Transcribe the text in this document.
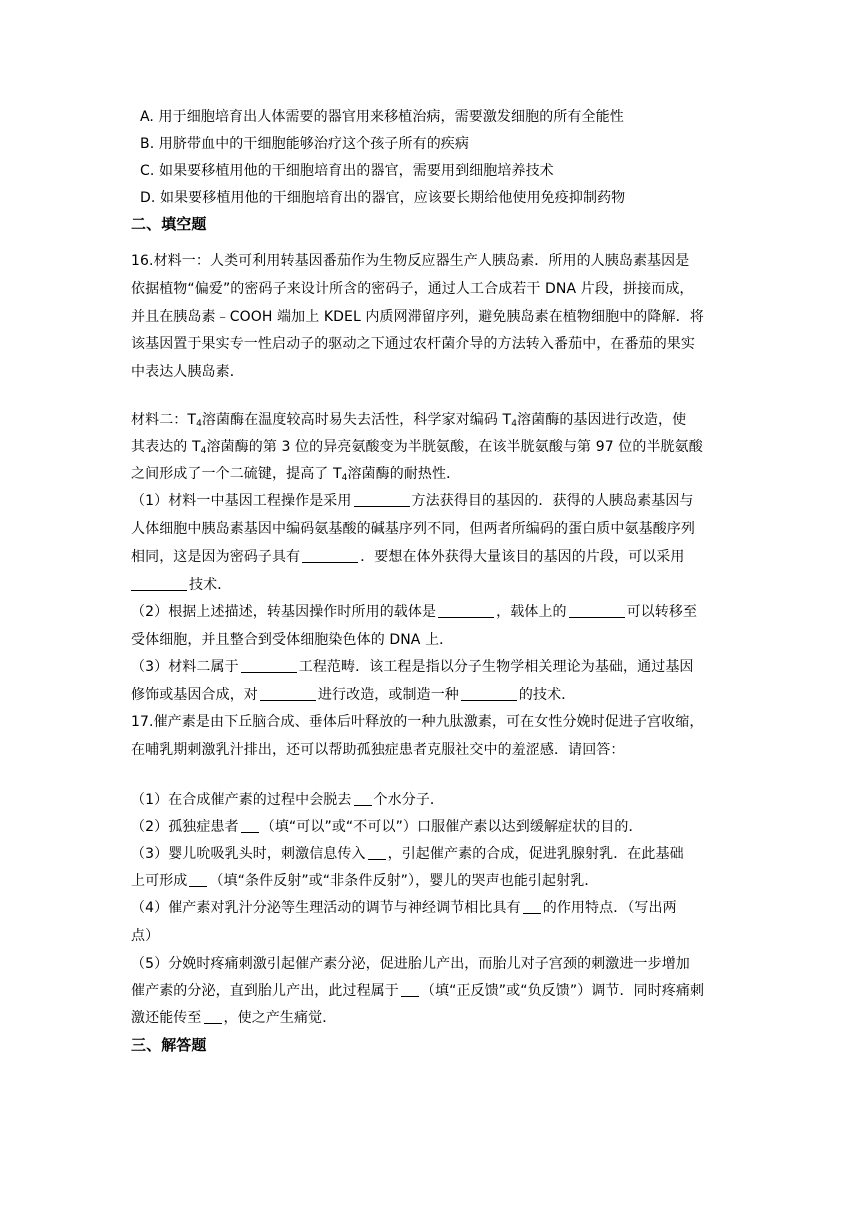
A. 用于细胞培育出人体需要的器官用来移植治病，需要激发细胞的所有全能性
B. 用脐带血中的干细胞能够治疗这个孩子所有的疾病
C. 如果要移植用他的干细胞培育出的器官，需要用到细胞培养技术
D. 如果要移植用他的干细胞培育出的器官，应该要长期给他使用免疫抑制药物
二、填空题
16.材料一：人类可利用转基因番茄作为生物反应器生产人胰岛素．所用的人胰岛素基因是
依据植物“偏爱”的密码子来设计所含的密码子，通过人工合成若干 DNA 片段，拼接而成，
并且在胰岛素﹣COOH 端加上 KDEL 内质网滞留序列，避免胰岛素在植物细胞中的降解．将
该基因置于果实专一性启动子的驱动之下通过农杆菌介导的方法转入番茄中，在番茄的果实
中表达人胰岛素．
材料二：$T_4$溶菌酶在温度较高时易失去活性，科学家对编码 $T_4$溶菌酶的基因进行改造，使
其表达的 $T_4$溶菌酶的第 3 位的异亮氨酸变为半胱氨酸，在该半胱氨酸与第 97 位的半胱氨酸
之间形成了一个二硫键，提高了 $T_4$溶菌酶的耐热性．
（1）材料一中基因工程操作是采用	方法获得目的基因的．获得的人胰岛素基因与
人体细胞中胰岛素基因中编码氨基酸的碱基序列不同，但两者所编码的蛋白质中氨基酸序列
相同，这是因为密码子具有	．要想在体外获得大量该目的基因的片段，可以采用
技术．
（2）根据上述描述，转基因操作时所用的载体是	，载体上的	可以转移至
受体细胞，并且整合到受体细胞染色体的 DNA 上．
（3）材料二属于	工程范畴．该工程是指以分子生物学相关理论为基础，通过基因
修饰或基因合成，对	进行改造，或制造一种	的技术．
17.催产素是由下丘脑合成、垂体后叶释放的一种九肽激素，可在女性分娩时促进子宫收缩，
在哺乳期刺激乳汁排出，还可以帮助孤独症患者克服社交中的羞涩感．请回答：
（1）在合成催产素的过程中会脱去 个水分子．
（2）孤独症患者 （填“可以”或“不可以”）口服催产素以达到缓解症状的目的．
（3）婴儿吮吸乳头时，刺激信息传入 ，引起催产素的合成，促进乳腺射乳．在此基础
上可形成 （填“条件反射”或“非条件反射”），婴儿的哭声也能引起射乳．
（4）催产素对乳汁分泌等生理活动的调节与神经调节相比具有 的作用特点．（写出两
点）
（5）分娩时疼痛刺激引起催产素分泌，促进胎儿产出，而胎儿对子宫颈的刺激进一步增加
催产素的分泌，直到胎儿产出，此过程属于 （填“正反馈”或“负反馈”）调节．同时疼痛刺
激还能传至 ，使之产生痛觉．
三、解答题
